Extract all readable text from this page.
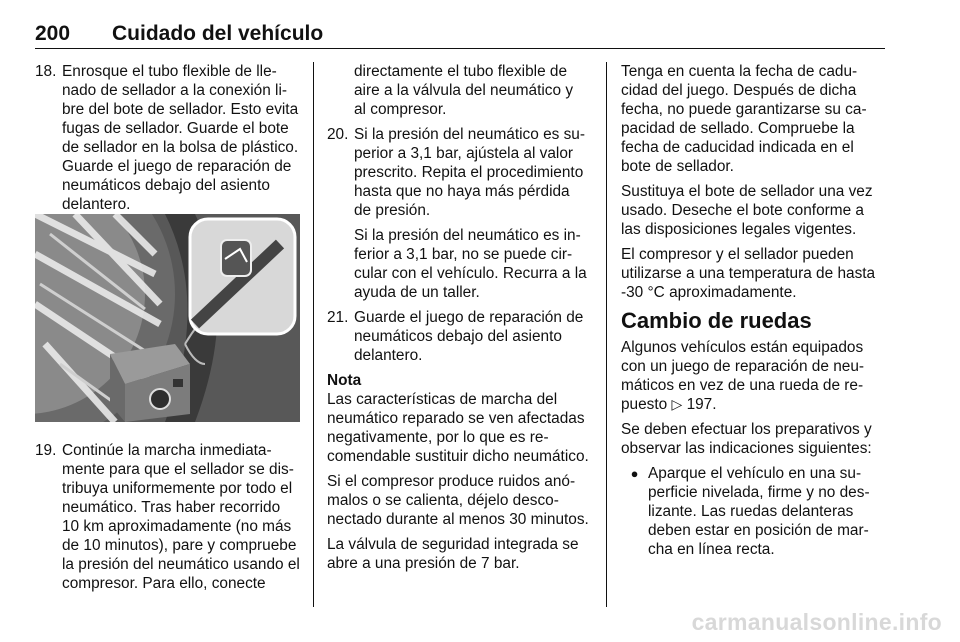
200 Cuidado del vehículo
18. Enrosque el tubo flexible de llenado de sellador a la conexión libre del bote de sellador. Esto evita fugas de sellador. Guarde el bote de sellador en la bolsa de plástico. Guarde el juego de reparación de neumáticos debajo del asiento delantero.
19. Continúe la marcha inmediatamente para que el sellador se distribuya uniformemente por todo el neumático. Tras haber recorrido 10 km aproximadamente (no más de 10 minutos), pare y compruebe la presión del neumático usando el compresor. Para ello, conecte

directamente el tubo flexible de aire a la válvula del neumático y al compresor.

20. Si la presión del neumático es superior a 3,1 bar, ajústela al valor prescrito. Repita el procedimiento hasta que no haya más pérdida de presión.

Si la presión del neumático es inferior a 3,1 bar, no se puede circular con el vehículo. Recurra a la ayuda de un taller.

21. Guarde el juego de reparación de neumáticos debajo del asiento delantero.
Nota

Las características de marcha del neumático reparado se ven afectadas negativamente, por lo que es recomendable sustituir dicho neumático.

Si el compresor produce ruidos anómalos o se calienta, déjelo desconectado durante al menos 30 minutos.

La válvula de seguridad integrada se abre a una presión de 7 bar.

Tenga en cuenta la fecha de caducidad del juego. Después de dicha fecha, no puede garantizarse su capacidad de sellado. Compruebe la fecha de caducidad indicada en el bote de sellador.

Sustituya el bote de sellador una vez usado. Deseche el bote conforme a las disposiciones legales vigentes.

El compresor y el sellador pueden utilizarse a una temperatura de hasta -30 °C aproximadamente.

Cambio de ruedas

Algunos vehículos están equipados con un juego de reparación de neumáticos en vez de una rueda de repuesto ▷ 197.

Se deben efectuar los preparativos y observar las indicaciones siguientes:

● Aparque el vehículo en una superficie nivelada, firme y no deslizante. Las ruedas delanteras deben estar en posición de marcha en línea recta.
carmanualsonline.info
